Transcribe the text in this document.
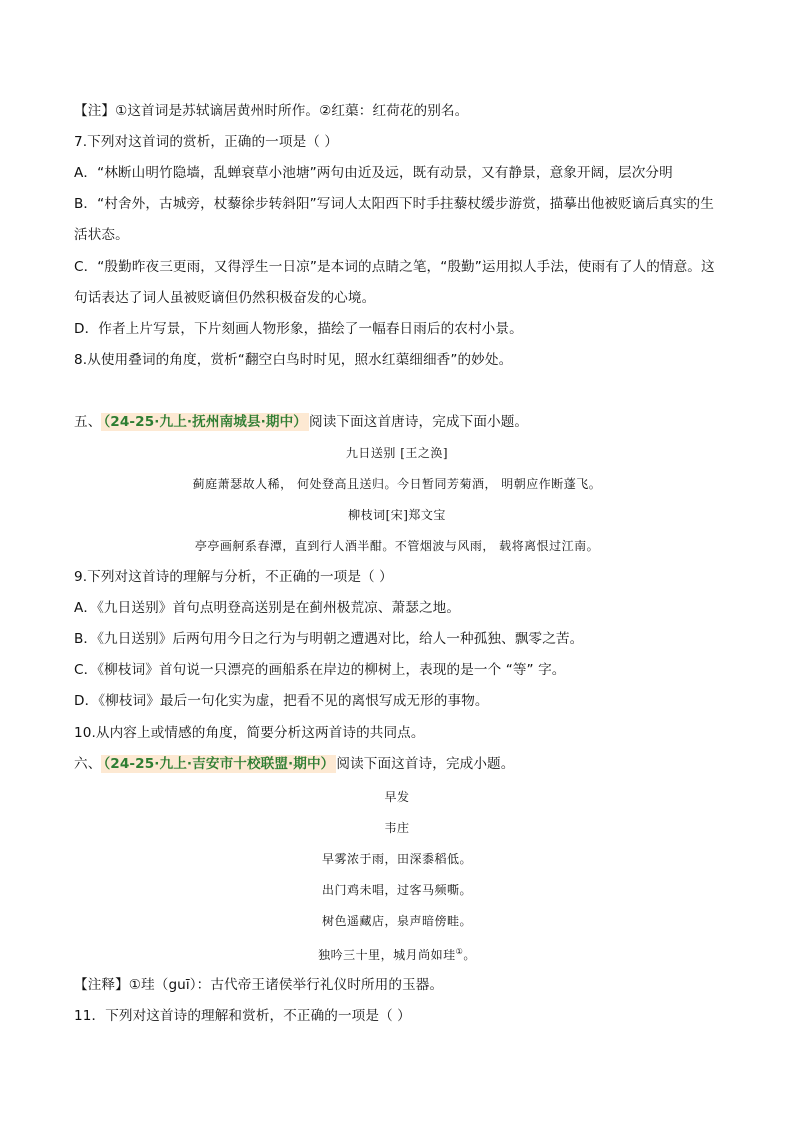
【注】①这首词是苏轼谪居黄州时所作。②红蕖：红荷花的别名。
7.下列对这首词的赏析，正确的一项是（ ）
A．“林断山明竹隐墙，乱蝉衰草小池塘”两句由近及远，既有动景，又有静景，意象开阔，层次分明
B．“村舍外，古城旁，杖藜徐步转斜阳”写词人太阳西下时手拄藜杖缓步游赏，描摹出他被贬谪后真实的生
活状态。
C．“殷勤昨夜三更雨，又得浮生一日凉”是本词的点睛之笔，“殷勤”运用拟人手法，使雨有了人的情意。这
句话表达了词人虽被贬谪但仍然积极奋发的心境。
D．作者上片写景，下片刻画人物形象，描绘了一幅春日雨后的农村小景。
8.从使用叠词的角度，赏析“翻空白鸟时时见，照水红蕖细细香”的妙处。
五、 （24-25·九上·抚州南城县·期中） 阅读下面这首唐诗，完成下面小题。
九日送别 [王之涣]
蓟庭萧瑟故人稀， 何处登高且送归。今日暂同芳菊酒， 明朝应作断蓬飞。
柳枝词[宋]郑文宝
亭亭画舸系春潭，直到行人酒半酣。不管烟波与风雨， 载将离恨过江南。
9.下列对这首诗的理解与分析，不正确的一项是（ ）
A．《九日送别》首句点明登高送别是在蓟州极荒凉、萧瑟之地。
B．《九日送别》后两句用今日之行为与明朝之遭遇对比，给人一种孤独、飘零之苦。
C．《柳枝词》首句说一只漂亮的画船系在岸边的柳树上，表现的是一个 “等” 字。
D．《柳枝词》最后一句化实为虚，把看不见的离恨写成无形的事物。
10.从内容上或情感的角度，简要分析这两首诗的共同点。
六、 （24-25·九上·吉安市十校联盟·期中） 阅读下面这首诗，完成小题。
早发
韦庄
早雾浓于雨，田深黍稻低。
出门鸡未唱，过客马频嘶。
树色遥藏店，泉声暗傍畦。
独吟三十里，城月尚如珪①。
【注释】①珪（guī）：古代帝王诸侯举行礼仪时所用的玉器。
11．下列对这首诗的理解和赏析，不正确的一项是（ ）
